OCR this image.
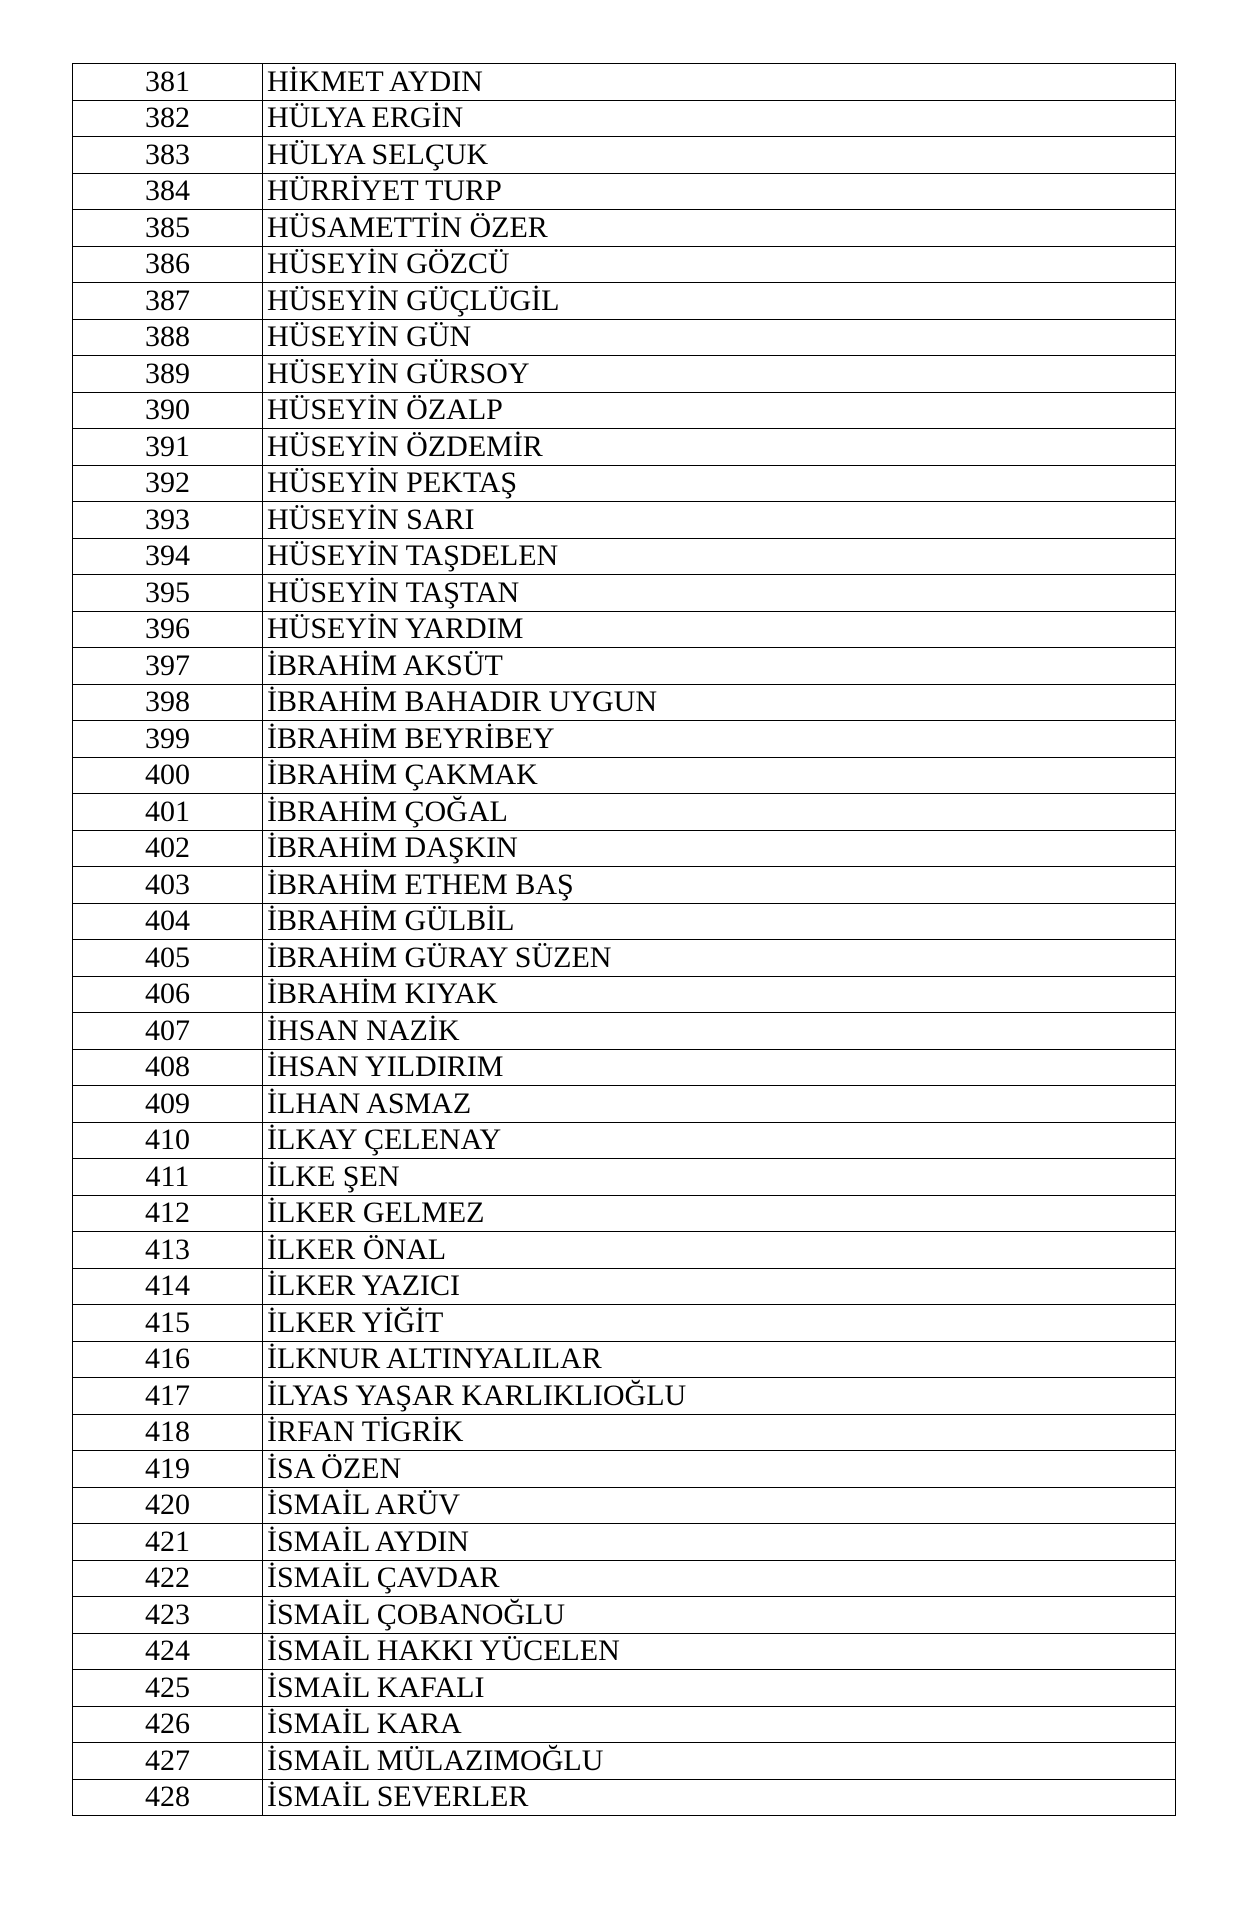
381	HİKMET AYDIN
382	HÜLYA ERGİN
383	HÜLYA SELÇUK
384	HÜRRİYET TURP
385	HÜSAMETTİN ÖZER
386	HÜSEYİN GÖZCÜ
387	HÜSEYİN GÜÇLÜGİL
388	HÜSEYİN GÜN
389	HÜSEYİN GÜRSOY
390	HÜSEYİN ÖZALP
391	HÜSEYİN ÖZDEMİR
392	HÜSEYİN PEKTAŞ
393	HÜSEYİN SARI
394	HÜSEYİN TAŞDELEN
395	HÜSEYİN TAŞTAN
396	HÜSEYİN YARDIM
397	İBRAHİM AKSÜT
398	İBRAHİM BAHADIR UYGUN
399	İBRAHİM BEYRİBEY
400	İBRAHİM ÇAKMAK
401	İBRAHİM ÇOĞAL
402	İBRAHİM DAŞKIN
403	İBRAHİM ETHEM BAŞ
404	İBRAHİM GÜLBİL
405	İBRAHİM GÜRAY SÜZEN
406	İBRAHİM KIYAK
407	İHSAN NAZİK
408	İHSAN YILDIRIM
409	İLHAN ASMAZ
410	İLKAY ÇELENAY
411	İLKE ŞEN
412	İLKER GELMEZ
413	İLKER ÖNAL
414	İLKER YAZICI
415	İLKER YİĞİT
416	İLKNUR ALTINYALILAR
417	İLYAS YAŞAR KARLIKLIOĞLU
418	İRFAN TİGRİK
419	İSA ÖZEN
420	İSMAİL ARÜV
421	İSMAİL AYDIN
422	İSMAİL ÇAVDAR
423	İSMAİL ÇOBANOĞLU
424	İSMAİL HAKKI YÜCELEN
425	İSMAİL KAFALI
426	İSMAİL KARA
427	İSMAİL MÜLAZIMOĞLU
428	İSMAİL SEVERLER
